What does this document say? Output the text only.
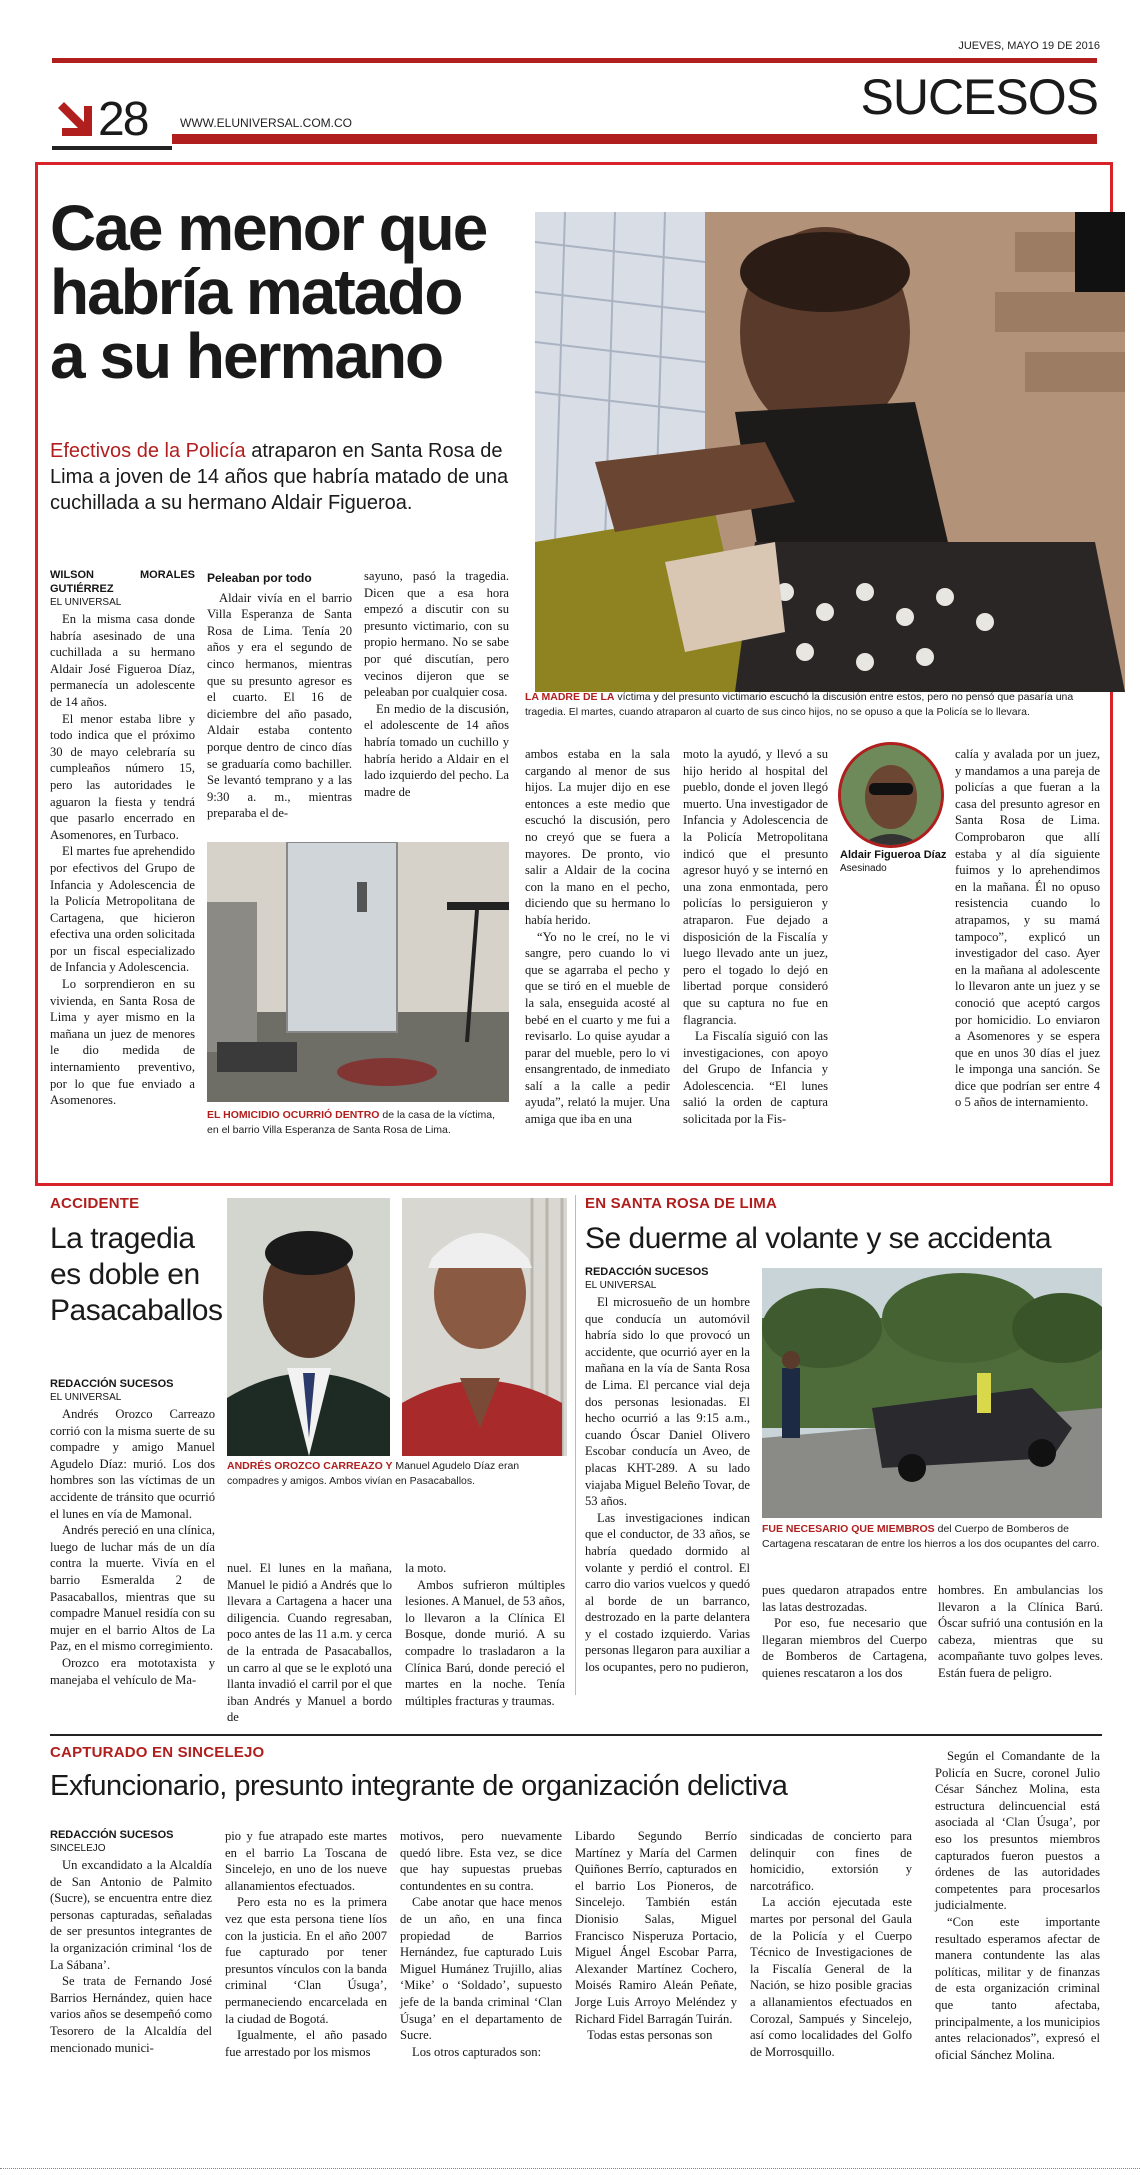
JUEVES, MAYO 19 DE 2016
SUCESOS
28	WWW.ELUNIVERSAL.COM.CO
Cae menor que
habría matado
a su hermano
Efectivos de la Policía atraparon en Santa Rosa de Lima a joven de 14 años que habría matado de una cuchillada a su hermano Aldair Figueroa.
LA MADRE DE LA víctima y del presunto victimario escuchó la discusión entre estos, pero no pensó que pasaría una tragedia. El martes, cuando atraparon al cuarto de sus cinco hijos, no se opuso a que la Policía se lo llevara.

WILSON MORALES GUTIÉRREZ

EL UNIVERSAL

En la misma casa donde habría asesinado de una cuchillada a su hermano Aldair José Figueroa Díaz, permanecía un adolescente de 14 años.

El menor estaba libre y todo indica que el próximo 30 de mayo celebraría su cumpleaños número 15, pero las autoridades le aguaron la fiesta y tendrá que pasarlo encerrado en Asomenores, en Turbaco.

El martes fue aprehendido por efectivos del Grupo de Infancia y Adolescencia de la Policía Metropolitana de Cartagena, que hicieron efectiva una orden solicitada por un fiscal especializado de Infancia y Adolescencia.

Lo sorprendieron en su vivienda, en Santa Rosa de Lima y ayer mismo en la mañana un juez de menores le dio medida de internamiento preventivo, por lo que fue enviado a Asomenores.

Peleaban por todo

Aldair vivía en el barrio Villa Esperanza de Santa Rosa de Lima. Tenía 20 años y era el segundo de cinco hermanos, mientras que su presunto agresor es el cuarto. El 16 de diciembre del año pasado, Aldair estaba contento porque dentro de cinco días se graduaría como bachiller. Se levantó temprano y a las 9:30 a. m., mientras preparaba el de-

sayuno, pasó la tragedia. Dicen que a esa hora empezó a discutir con su presunto victimario, con su propio hermano. No se sabe por qué discutían, pero vecinos dijeron que se peleaban por cualquier cosa.

En medio de la discusión, el adolescente de 14 años habría tomado un cuchillo y habría herido a Aldair en el lado izquierdo del pecho. La madre de

EL HOMICIDIO OCURRIÓ DENTRO de la casa de la víctima, en el barrio Villa Esperanza de Santa Rosa de Lima.

ambos estaba en la sala cargando al menor de sus hijos. La mujer dijo en ese entonces a este medio que escuchó la discusión, pero no creyó que se fuera a mayores. De pronto, vio salir a Aldair de la cocina con la mano en el pecho, diciendo que su hermano lo había herido.

“Yo no le creí, no le vi sangre, pero cuando lo vi que se agarraba el pecho y que se tiró en el mueble de la sala, enseguida acosté al bebé en el cuarto y me fui a revisarlo. Lo quise ayudar a parar del mueble, pero lo vi ensangrentado, de inmediato salí a la calle a pedir ayuda”, relató la mujer. Una amiga que iba en una

moto la ayudó, y llevó a su hijo herido al hospital del pueblo, donde el joven llegó muerto. Una investigador de Infancia y Adolescencia de la Policía Metropolitana indicó que el presunto agresor huyó y se internó en una zona enmontada, pero policías lo persiguieron y atraparon. Fue dejado a disposición de la Fiscalía y luego llevado ante un juez, pero el togado lo dejó en libertad porque consideró que su captura no fue en flagrancia.

La Fiscalía siguió con las investigaciones, con apoyo del Grupo de Infancia y Adolescencia. “El lunes salió la orden de captura solicitada por la Fis-

Aldair Figueroa Díaz
Asesinado

calía y avalada por un juez, y mandamos a una pareja de policías a que fueran a la casa del presunto agresor en Santa Rosa de Lima. Comprobaron que allí estaba y al día siguiente fuimos y lo aprehendimos en la mañana. Él no opuso resistencia cuando lo atrapamos, y su mamá tampoco”, explicó un investigador del caso. Ayer en la mañana al adolescente lo llevaron ante un juez y se conoció que aceptó cargos por homicidio. Lo enviaron a Asomenores y se espera que en unos 30 días el juez le imponga una sanción. Se dice que podrían ser entre 4 o 5 años de internamiento.

ACCIDENTE
La tragedia
es doble en
Pasacaballos
ANDRÉS OROZCO CARREAZO Y Manuel Agudelo Díaz eran compadres y amigos. Ambos vivían en Pasacaballos.

REDACCIÓN SUCESOS

EL UNIVERSAL

Andrés Orozco Carreazo corrió con la misma suerte de su compadre y amigo Manuel Agudelo Díaz: murió. Los dos hombres son las víctimas de un accidente de tránsito que ocurrió el lunes en vía de Mamonal.

Andrés pereció en una clínica, luego de luchar más de un día contra la muerte. Vivía en el barrio Esmeralda 2 de Pasacaballos, mientras que su compadre Manuel residía con su mujer en el barrio Altos de La Paz, en el mismo corregimiento.

Orozco era mototaxista y manejaba el vehículo de Ma-

nuel. El lunes en la mañana, Manuel le pidió a Andrés que lo llevara a Cartagena a hacer una diligencia. Cuando regresaban, poco antes de las 11 a.m. y cerca de la entrada de Pasacaballos, un carro al que se le explotó una llanta invadió el carril por el que iban Andrés y Manuel a bordo de

la moto.

Ambos sufrieron múltiples lesiones. A Manuel, de 53 años, lo llevaron a la Clínica El Bosque, donde murió. A su compadre lo trasladaron a la Clínica Barú, donde pereció el martes en la noche. Tenía múltiples fracturas y traumas.

EN SANTA ROSA DE LIMA
Se duerme al volante y se accidenta

REDACCIÓN SUCESOS

EL UNIVERSAL

El microsueño de un hombre que conducía un automóvil habría sido lo que provocó un accidente, que ocurrió ayer en la mañana en la vía de Santa Rosa de Lima. El percance vial deja dos personas lesionadas. El hecho ocurrió a las 9:15 a.m., cuando Óscar Daniel Olivero Escobar conducía un Aveo, de placas KHT-289. A su lado viajaba Miguel Beleño Tovar, de 53 años.

Las investigaciones indican que el conductor, de 33 años, se habría quedado dormido al volante y perdió el control. El carro dio varios vuelcos y quedó al borde de un barranco, destrozado en la parte delantera y el costado izquierdo. Varias personas llegaron para auxiliar a los ocupantes, pero no pudieron,

FUE NECESARIO QUE MIEMBROS del Cuerpo de Bomberos de Cartagena rescataran de entre los hierros a los dos ocupantes del carro.

pues quedaron atrapados entre las latas destrozadas.

Por eso, fue necesario que llegaran miembros del Cuerpo de Bomberos de Cartagena, quienes rescataron a los dos

hombres. En ambulancias los llevaron a la Clínica Barú. Óscar sufrió una contusión en la cabeza, mientras que su acompañante tuvo golpes leves. Están fuera de peligro.

CAPTURADO EN SINCELEJO
Exfuncionario, presunto integrante de organización delictiva

REDACCIÓN SUCESOS

SINCELEJO

Un excandidato a la Alcaldía de San Antonio de Palmito (Sucre), se encuentra entre diez personas capturadas, señaladas de ser presuntos integrantes de la organización criminal ‘los de La Sábana’.

Se trata de Fernando José Barrios Hernández, quien hace varios años se desempeñó como Tesorero de la Alcaldía del mencionado munici-

pio y fue atrapado este martes en el barrio La Toscana de Sincelejo, en uno de los nueve allanamientos efectuados.

Pero esta no es la primera vez que esta persona tiene líos con la justicia. En el año 2007 fue capturado por tener presuntos vínculos con la banda criminal ‘Clan Úsuga’, permaneciendo encarcelada en la ciudad de Bogotá.

Igualmente, el año pasado fue arrestado por los mismos

motivos, pero nuevamente quedó libre. Esta vez, se dice que hay supuestas pruebas contundentes en su contra.

Cabe anotar que hace menos de un año, en una finca propiedad de Barrios Hernández, fue capturado Luis Miguel Humánez Trujillo, alias ‘Mike’ o ‘Soldado’, supuesto jefe de la banda criminal ‘Clan Úsuga’ en el departamento de Sucre.

Los otros capturados son:

Libardo Segundo Berrío Martínez y María del Carmen Quiñones Berrío, capturados en el barrio Los Pioneros, de Sincelejo. También están Dionisio Salas, Miguel Francisco Nisperuza Portacio, Miguel Ángel Escobar Parra, Alexander Martínez Cochero, Moisés Ramiro Aleán Peñate, Jorge Luis Arroyo Meléndez y Richard Fidel Barragán Tuirán.

Todas estas personas son

sindicadas de concierto para delinquir con fines de homicidio, extorsión y narcotráfico.

La acción ejecutada este martes por personal del Gaula de la Policía y el Cuerpo Técnico de Investigaciones de la Fiscalía General de la Nación, se hizo posible gracias a allanamientos efectuados en Corozal, Sampués y Sincelejo, así como localidades del Golfo de Morrosquillo.

Según el Comandante de la Policía en Sucre, coronel Julio César Sánchez Molina, esta estructura delincuencial está asociada al ‘Clan Úsuga’, por eso los presuntos miembros capturados fueron puestos a órdenes de las autoridades competentes para procesarlos judicialmente.

“Con este importante resultado esperamos afectar de manera contundente las alas políticas, militar y de finanzas de esta organización criminal que tanto afectaba, principalmente, a los municipios antes relacionados”, expresó el oficial Sánchez Molina.
